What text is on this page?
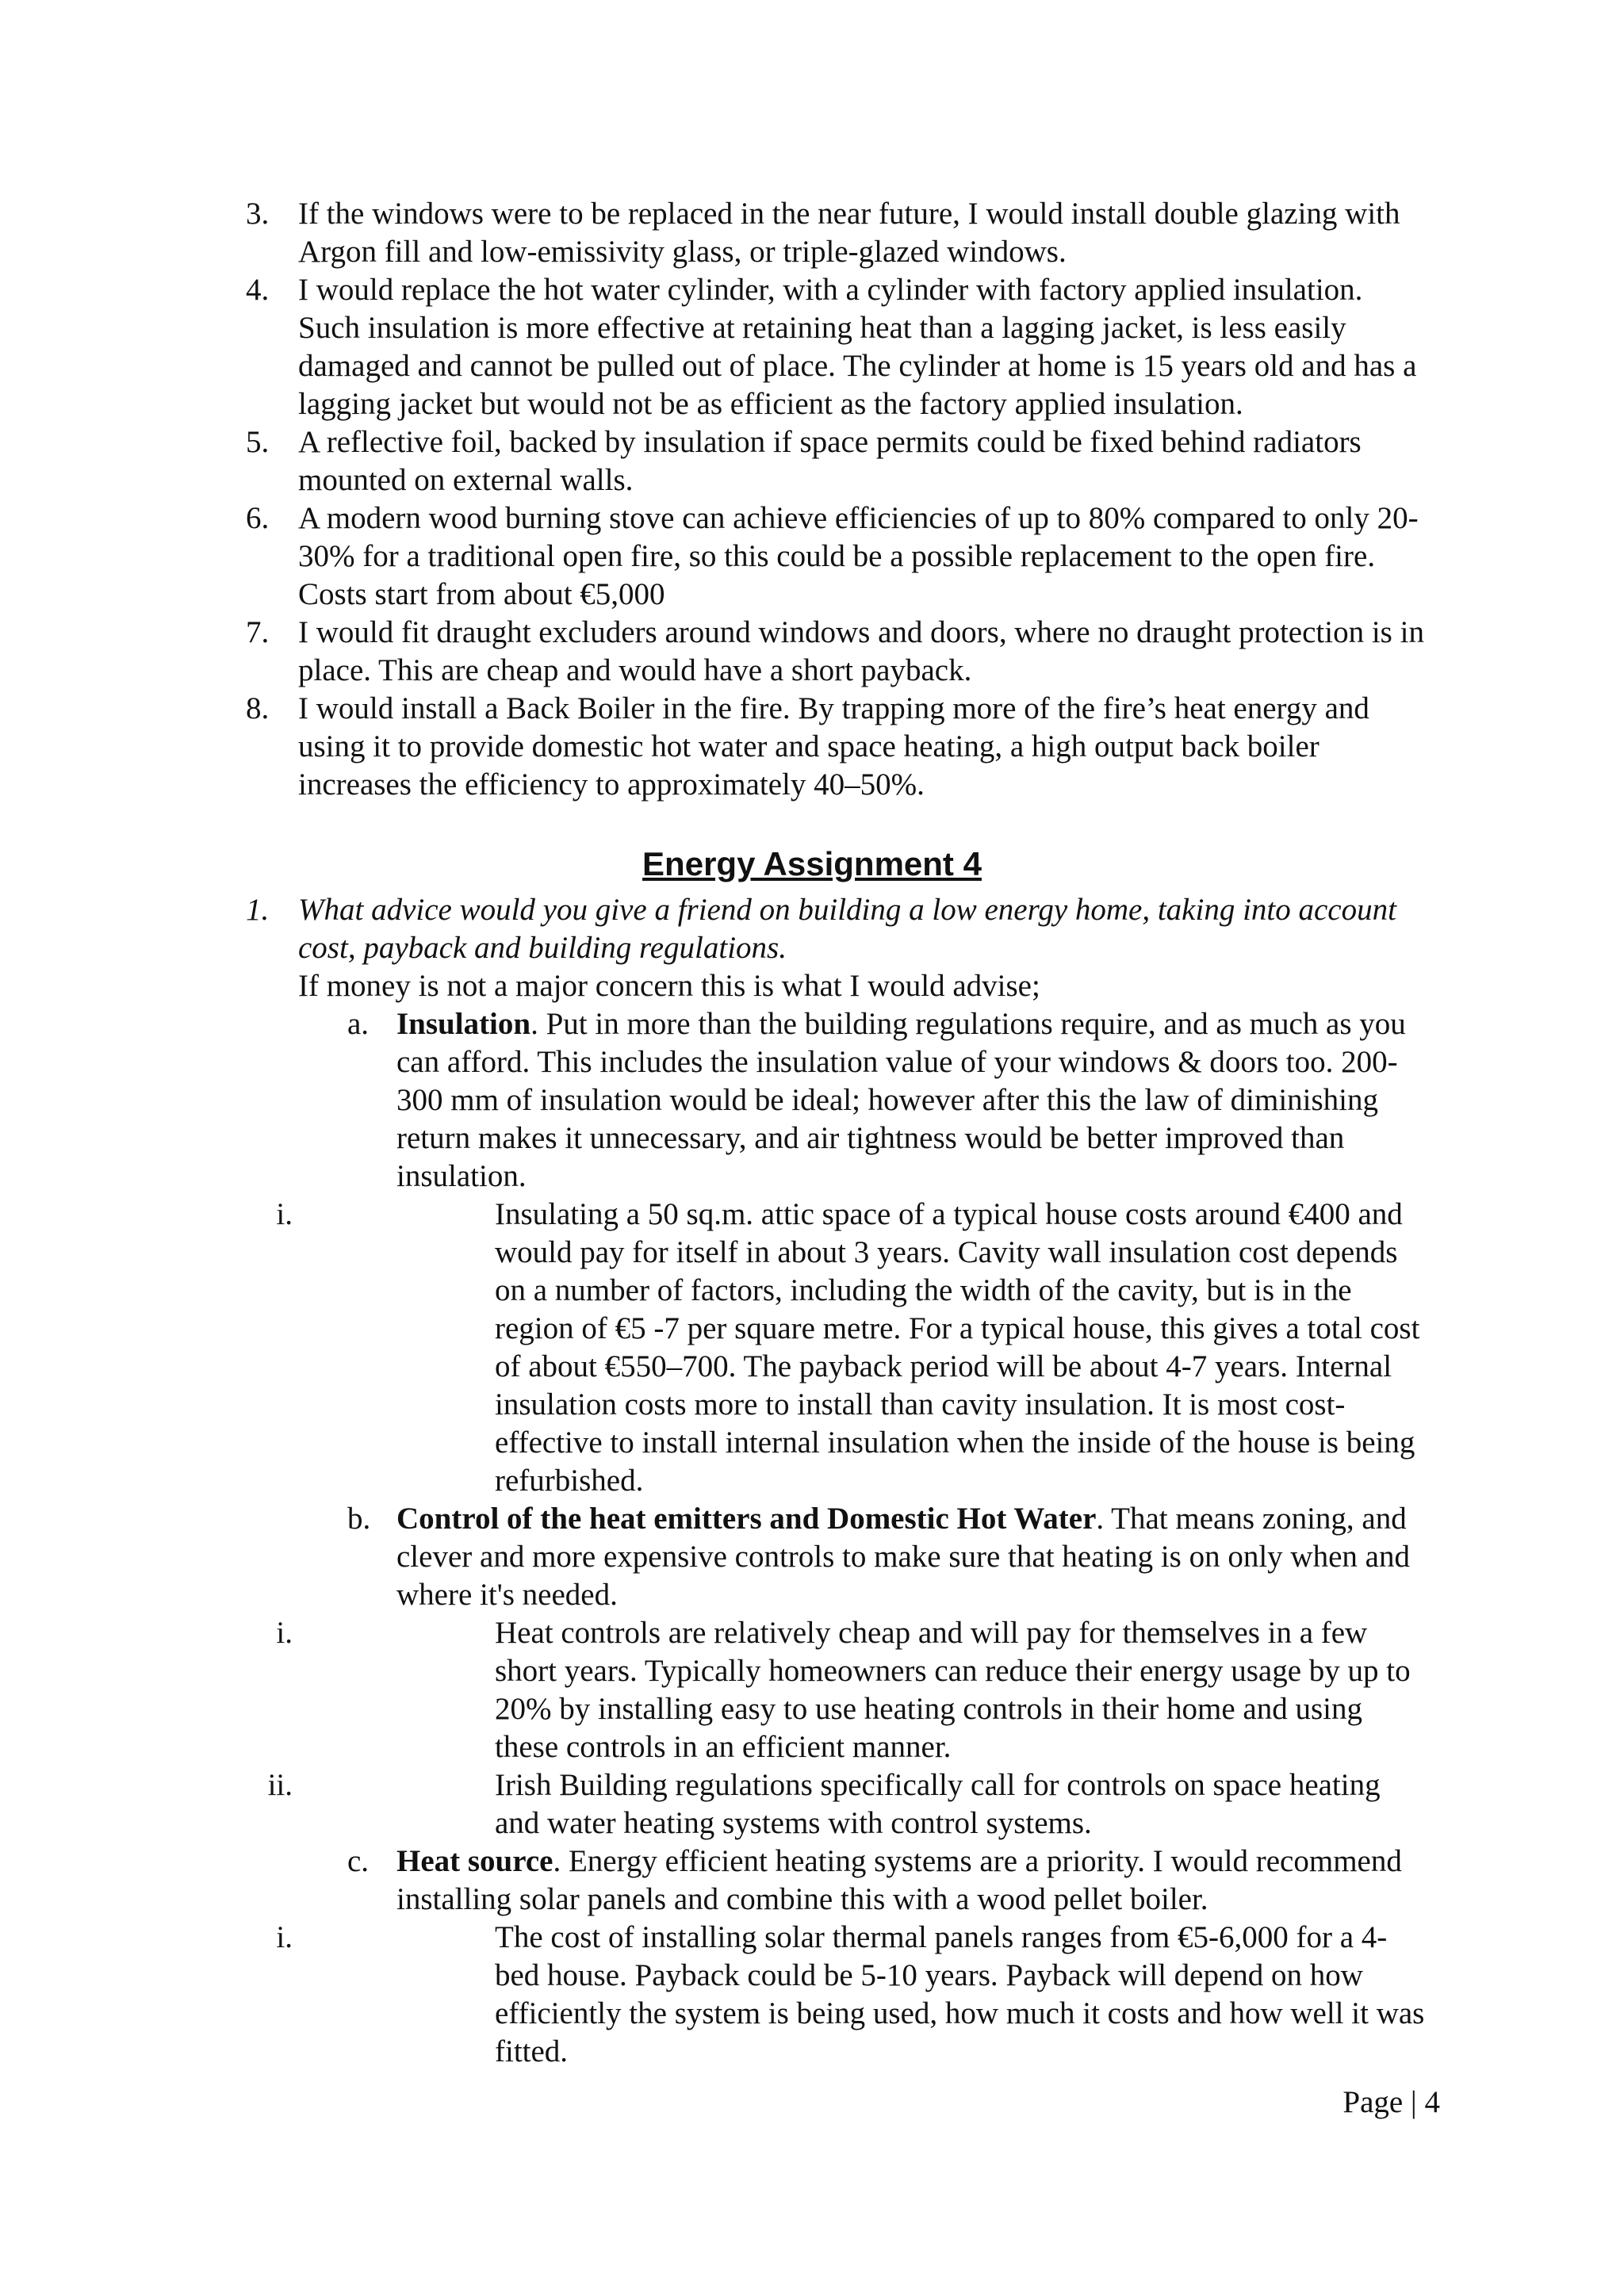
3. If the windows were to be replaced in the near future, I would install double glazing with Argon fill and low-emissivity glass, or triple-glazed windows.
4. I would replace the hot water cylinder, with a cylinder with factory applied insulation. Such insulation is more effective at retaining heat than a lagging jacket, is less easily damaged and cannot be pulled out of place. The cylinder at home is 15 years old and has a lagging jacket but would not be as efficient as the factory applied insulation.
5. A reflective foil, backed by insulation if space permits could be fixed behind radiators mounted on external walls.
6. A modern wood burning stove can achieve efficiencies of up to 80% compared to only 20-30% for a traditional open fire, so this could be a possible replacement to the open fire. Costs start from about €5,000
7. I would fit draught excluders around windows and doors, where no draught protection is in place. This are cheap and would have a short payback.
8. I would install a Back Boiler in the fire. By trapping more of the fire’s heat energy and using it to provide domestic hot water and space heating, a high output back boiler increases the efficiency to approximately 40–50%.
Energy Assignment 4
1. What advice would you give a friend on building a low energy home, taking into account cost, payback and building regulations.
If money is not a major concern this is what I would advise;
a. Insulation. Put in more than the building regulations require, and as much as you can afford. This includes the insulation value of your windows & doors too. 200-300 mm of insulation would be ideal; however after this the law of diminishing return makes it unnecessary, and air tightness would be better improved than insulation.
i.	Insulating a 50 sq.m. attic space of a typical house costs around €400 and would pay for itself in about 3 years. Cavity wall insulation cost depends on a number of factors, including the width of the cavity, but is in the region of €5 -7 per square metre. For a typical house, this gives a total cost of about €550–700. The payback period will be about 4-7 years. Internal insulation costs more to install than cavity insulation. It is most cost-effective to install internal insulation when the inside of the house is being refurbished.
b. Control of the heat emitters and Domestic Hot Water. That means zoning, and clever and more expensive controls to make sure that heating is on only when and where it's needed.
i.	Heat controls are relatively cheap and will pay for themselves in a few short years. Typically homeowners can reduce their energy usage by up to 20% by installing easy to use heating controls in their home and using these controls in an efficient manner.
ii.	Irish Building regulations specifically call for controls on space heating and water heating systems with control systems.
c. Heat source. Energy efficient heating systems are a priority. I would recommend installing solar panels and combine this with a wood pellet boiler.
i.	The cost of installing solar thermal panels ranges from €5-6,000 for a 4-bed house. Payback could be 5-10 years. Payback will depend on how efficiently the system is being used, how much it costs and how well it was fitted.
Page | 4
